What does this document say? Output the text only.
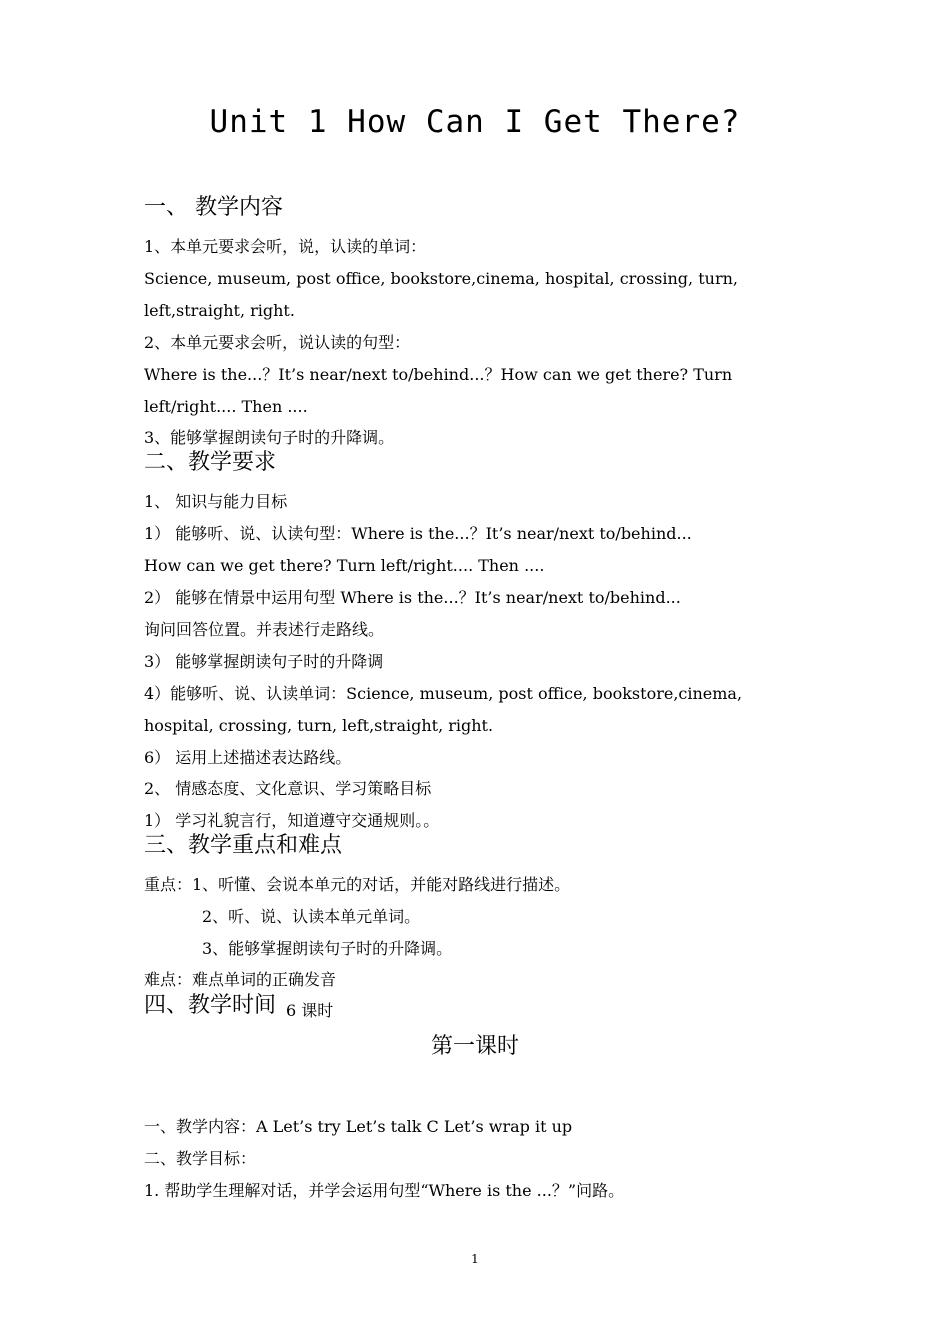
Unit 1 How Can I Get There?
一、 教学内容
1、本单元要求会听，说，认读的单词：
Science, museum, post office, bookstore,cinema, hospital, crossing, turn,
left,straight, right.
2、本单元要求会听，说认读的句型：
Where is the...？It’s near/next to/behind...？How can we get there? Turn
left/right.... Then ....
3、能够掌握朗读句子时的升降调。
二、教学要求
1、 知识与能力目标
1） 能够听、说、认读句型：Where is the...？It’s near/next to/behind...
How can we get there? Turn left/right.... Then ....
2） 能够在情景中运用句型 Where is the...？It’s near/next to/behind...
询问回答位置。并表述行走路线。
3） 能够掌握朗读句子时的升降调
4）能够听、说、认读单词：Science, museum, post office, bookstore,cinema,
hospital, crossing, turn, left,straight, right.
6） 运用上述描述表达路线。
2、 情感态度、文化意识、学习策略目标
1） 学习礼貌言行，知道遵守交通规则。。
三、教学重点和难点
重点：1、听懂、会说本单元的对话，并能对路线进行描述。
2、听、说、认读本单元单词。
3、能够掌握朗读句子时的升降调。
难点：难点单词的正确发音
四、教学时间 6 课时
第一课时
一、教学内容：A Let’s try Let’s talk C Let’s wrap it up
二、教学目标：
1. 帮助学生理解对话，并学会运用句型“Where is the ...？”问路。
1
